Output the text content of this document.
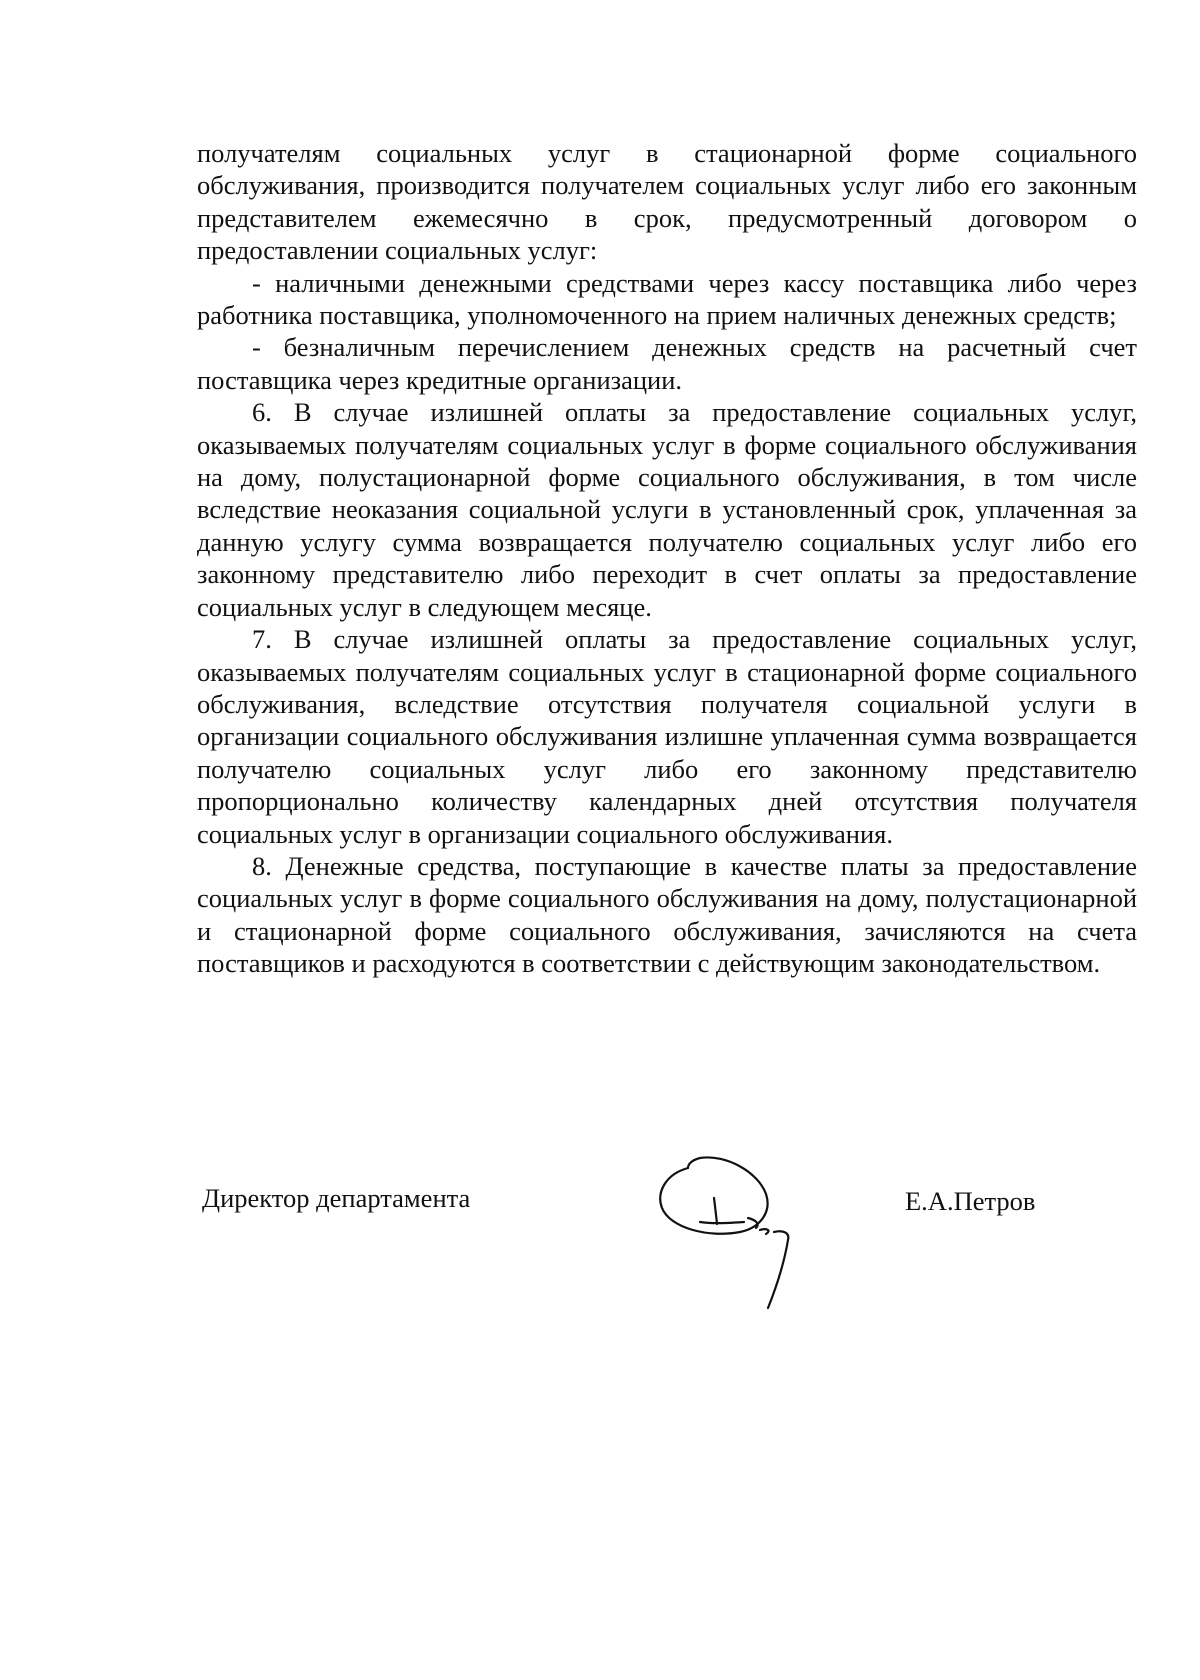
получателям социальных услуг в стационарной форме социального обслуживания, производится получателем социальных услуг либо его законным представителем ежемесячно в срок, предусмотренный договором о предоставлении социальных услуг:

- наличными денежными средствами через кассу поставщика либо через работника поставщика, уполномоченного на прием наличных денежных средств;

- безналичным перечислением денежных средств на расчетный счет поставщика через кредитные организации.

6. В случае излишней оплаты за предоставление социальных услуг, оказываемых получателям социальных услуг в форме социального обслуживания на дому, полустационарной форме социального обслуживания, в том числе вследствие неоказания социальной услуги в установленный срок, уплаченная за данную услугу сумма возвращается получателю социальных услуг либо его законному представителю либо переходит в счет оплаты за предоставление социальных услуг в следующем месяце.

7. В случае излишней оплаты за предоставление социальных услуг, оказываемых получателям социальных услуг в стационарной форме социального обслуживания, вследствие отсутствия получателя социальной услуги в организации социального обслуживания излишне уплаченная сумма возвращается получателю социальных услуг либо его законному представителю пропорционально количеству календарных дней отсутствия получателя социальных услуг в организации социального обслуживания.

8. Денежные средства, поступающие в качестве платы за предоставление социальных услуг в форме социального обслуживания на дому, полустационарной и стационарной форме социального обслуживания, зачисляются на счета поставщиков и расходуются в соответствии с действующим законодательством.

Директор департамента	Е.А.Петров
